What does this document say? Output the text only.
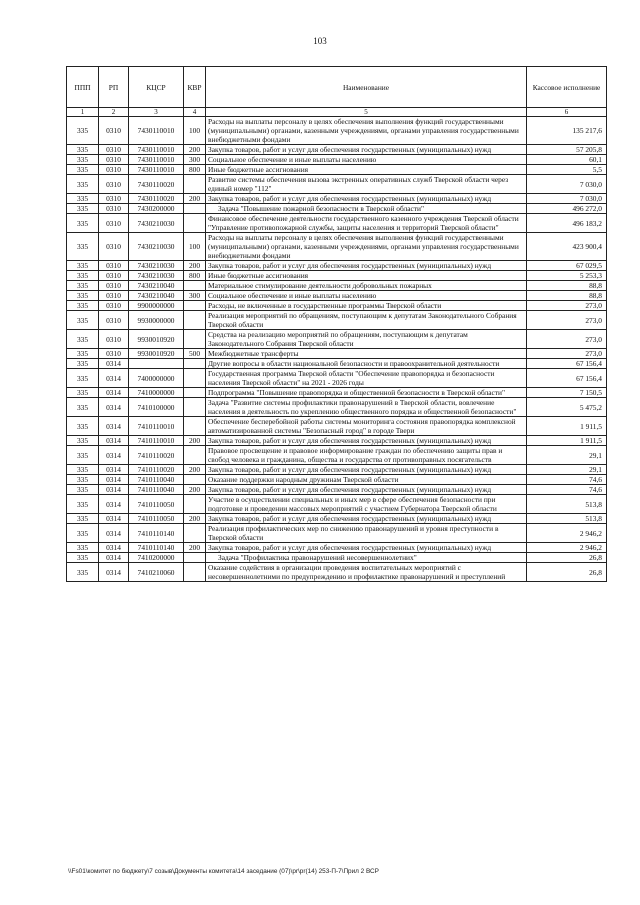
103
ППП	РП	КЦСР	КВР	Наименование	Кассовое исполнение
1	2	3	4	5	6
335	0310	7430110010	100	Расходы на выплаты персоналу в целях обеспечения выполнения функций государственными (муниципальными) органами, казенными учреждениями, органами управления государственными внебюджетными фондами	135 217,6
335	0310	7430110010	200	Закупка товаров, работ и услуг для обеспечения государственных (муниципальных) нужд	57 205,8
335	0310	7430110010	300	Социальное обеспечение и иные выплаты населению	60,1
335	0310	7430110010	800	Иные бюджетные ассигнования	5,5
335	0310	7430110020		Развитие системы обеспечения вызова экстренных оперативных служб Тверской области через единый номер "112"	7 030,0
335	0310	7430110020	200	Закупка товаров, работ и услуг для обеспечения государственных (муниципальных) нужд	7 030,0
335	0310	7430200000		Задача "Повышение пожарной безопасности в Тверской области"	496 272,0
335	0310	7430210030		Финансовое обеспечение деятельности государственного казенного учреждения Тверской области "Управление противопожарной службы, защиты населения и территорий Тверской области"	496 183,2
335	0310	7430210030	100	Расходы на выплаты персоналу в целях обеспечения выполнения функций государственными (муниципальными) органами, казенными учреждениями, органами управления государственными внебюджетными фондами	423 900,4
335	0310	7430210030	200	Закупка товаров, работ и услуг для обеспечения государственных (муниципальных) нужд	67 029,5
335	0310	7430210030	800	Иные бюджетные ассигнования	5 253,3
335	0310	7430210040		Материальное стимулирование деятельности добровольных пожарных	88,8
335	0310	7430210040	300	Социальное обеспечение и иные выплаты населению	88,8
335	0310	9900000000		Расходы, не включенные в государственные программы Тверской области	273,0
335	0310	9930000000		Реализация мероприятий по обращениям, поступающим к депутатам Законодательного Собрания Тверской области	273,0
335	0310	9930010920		Средства на реализацию мероприятий по обращениям, поступающим к депутатам Законодательного Собрания Тверской области	273,0
335	0310	9930010920	500	Межбюджетные трансферты	273,0
335	0314			Другие вопросы в области национальной безопасности и правоохранительной деятельности	67 156,4
335	0314	7400000000		Государственная программа Тверской области "Обеспечение правопорядка и безопасности населения Тверской области" на 2021 - 2026 годы	67 156,4
335	0314	7410000000		Подпрограмма "Повышение правопорядка и общественной безопасности в Тверской области"	7 150,5
335	0314	7410100000		Задача "Развитие системы профилактики правонарушений в Тверской области, вовлечение населения в деятельность по укреплению общественного порядка и общественной безопасности"	5 475,2
335	0314	7410110010		Обеспечение бесперебойной работы системы мониторинга состояния правопорядка комплексной автоматизированной системы "Безопасный город" в городе Твери	1 911,5
335	0314	7410110010	200	Закупка товаров, работ и услуг для обеспечения государственных (муниципальных) нужд	1 911,5
335	0314	7410110020		Правовое просвещение и правовое информирование граждан по обеспечению защиты прав и свобод человека и гражданина, общества и государства от противоправных посягательств	29,1
335	0314	7410110020	200	Закупка товаров, работ и услуг для обеспечения государственных (муниципальных) нужд	29,1
335	0314	7410110040		Оказание поддержки народным дружинам Тверской области	74,6
335	0314	7410110040	200	Закупка товаров, работ и услуг для обеспечения государственных (муниципальных) нужд	74,6
335	0314	7410110050		Участие в осуществлении специальных и иных мер в сфере обеспечения безопасности при подготовке и проведении массовых мероприятий с участием Губернатора Тверской области	513,8
335	0314	7410110050	200	Закупка товаров, работ и услуг для обеспечения государственных (муниципальных) нужд	513,8
335	0314	7410110140		Реализация профилактических мер по снижению правонарушений и уровня преступности в Тверской области	2 946,2
335	0314	7410110140	200	Закупка товаров, работ и услуг для обеспечения государственных (муниципальных) нужд	2 946,2
335	0314	7410200000		Задача "Профилактика правонарушений несовершеннолетних"	26,8
335	0314	7410210060		Оказание содействия в организации проведения воспитательных мероприятий с несовершеннолетними по предупреждению и профилактике правонарушений и преступлений	26,8
\\Fs01\комитет по бюджету\7 созыв\Документы комитета\14 заседание (07)\pr\pr(14) 253-П-7\Прил 2 ВСР
